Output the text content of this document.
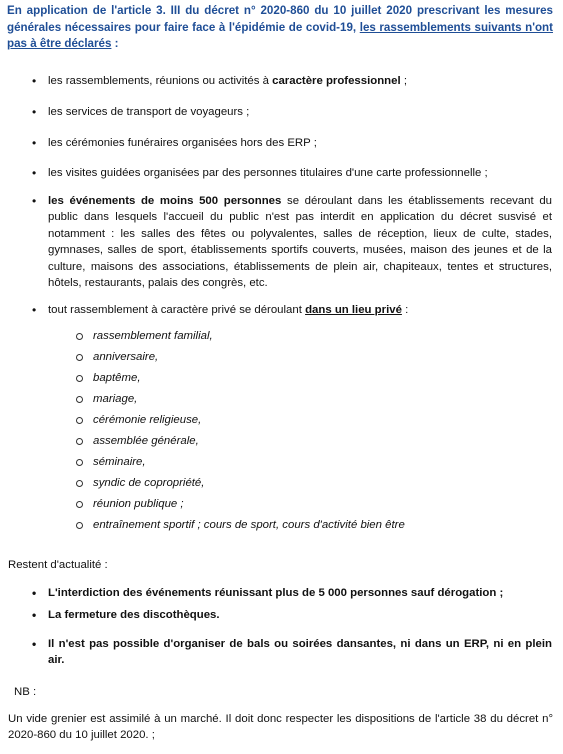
En application de l'article 3. III du décret n° 2020-860 du 10 juillet 2020 prescrivant les mesures générales nécessaires pour faire face à l'épidémie de covid-19, les rassemblements suivants n'ont pas à être déclarés :

• les rassemblements, réunions ou activités à caractère professionnel ;
• les services de transport de voyageurs ;
• les cérémonies funéraires organisées hors des ERP ;
• les visites guidées organisées par des personnes titulaires d'une carte professionnelle ;
• les événements de moins 500 personnes se déroulant dans les établissements recevant du public dans lesquels l'accueil du public n'est pas interdit en application du décret susvisé et notamment : les salles des fêtes ou polyvalentes, salles de réception, lieux de culte, stades, gymnases, salles de sport, établissements sportifs couverts, musées, maison des jeunes et de la culture, maisons des associations, établissements de plein air, chapiteaux, tentes et structures, hôtels, restaurants, palais des congrès, etc.
• tout rassemblement à caractère privé se déroulant dans un lieu privé :
rassemblement familial,
anniversaire,
baptême,
mariage,
cérémonie religieuse,
assemblée générale,
séminaire,
syndic de copropriété,
réunion publique ;
entraînement sportif ; cours de sport, cours d'activité bien être
Restent d'actualité :
• L'interdiction des événements réunissant plus de 5 000 personnes sauf dérogation ;
• La fermeture des discothèques.
• Il n'est pas possible d'organiser de bals ou soirées dansantes, ni dans un ERP, ni en plein air.
NB :
Un vide grenier est assimilé à un marché. Il doit donc respecter les dispositions de l'article 38 du décret n° 2020-860 du 10 juillet 2020. ;
